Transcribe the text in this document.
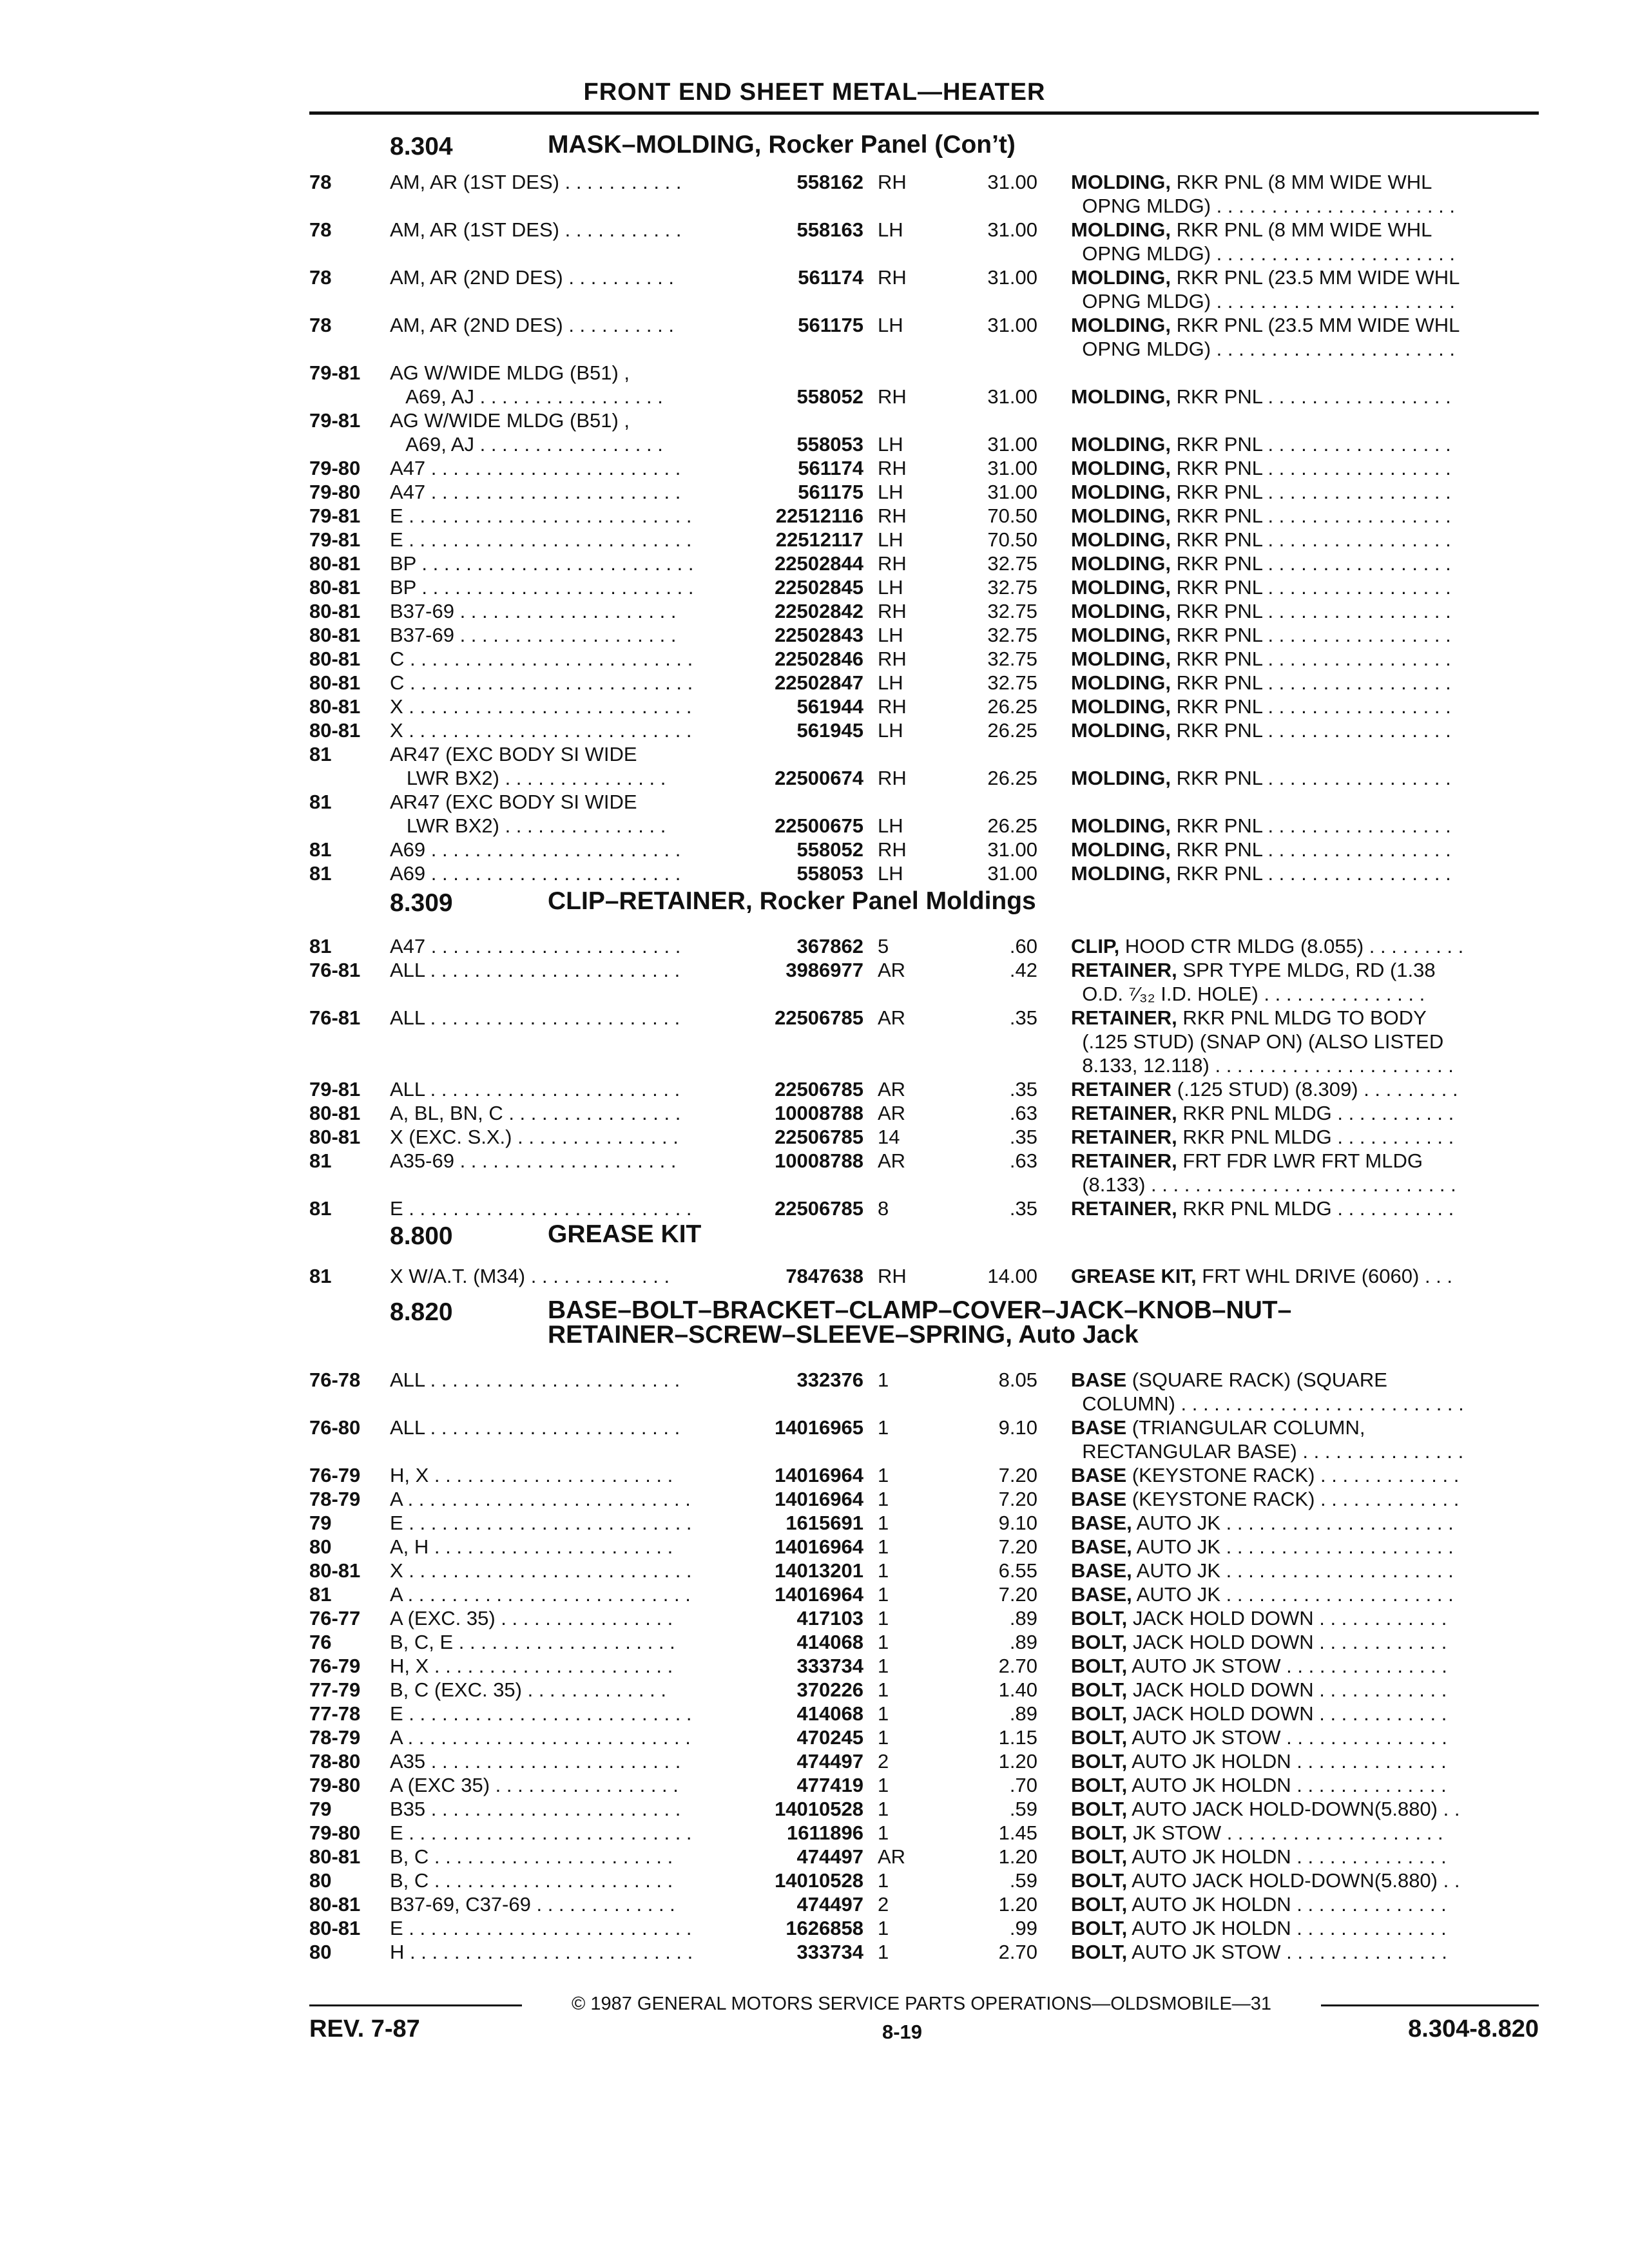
FRONT END SHEET METAL—HEATER
8.304	MASK–MOLDING, Rocker Panel (Con’t)
78	AM, AR (1ST DES) . . . . . . . . . . .	558162 RH	31.00 MOLDING, RKR PNL (8 MM WIDE WHL
OPNG MLDG) . . . . . . . . . . . . . . . . . . . . . .
78	AM, AR (1ST DES) . . . . . . . . . . .	558163 LH	31.00 MOLDING, RKR PNL (8 MM WIDE WHL
OPNG MLDG) . . . . . . . . . . . . . . . . . . . . . .
78	AM, AR (2ND DES) . . . . . . . . . .	561174 RH	31.00 MOLDING, RKR PNL (23.5 MM WIDE WHL
OPNG MLDG) . . . . . . . . . . . . . . . . . . . . . .
78	AM, AR (2ND DES) . . . . . . . . . .	561175 LH	31.00 MOLDING, RKR PNL (23.5 MM WIDE WHL
OPNG MLDG) . . . . . . . . . . . . . . . . . . . . . .
79-81 AG W/WIDE MLDG (B51) ,
A69, AJ . . . . . . . . . . . . . . . . .	558052 RH	31.00 MOLDING, RKR PNL . . . . . . . . . . . . . . . . .
79-81 AG W/WIDE MLDG (B51) ,
A69, AJ . . . . . . . . . . . . . . . . .	558053 LH	31.00 MOLDING, RKR PNL . . . . . . . . . . . . . . . . .
79-80 A47 . . . . . . . . . . . . . . . . . . . . . . .	561174 RH	31.00 MOLDING, RKR PNL . . . . . . . . . . . . . . . . .
79-80 A47 . . . . . . . . . . . . . . . . . . . . . . .	561175 LH	31.00 MOLDING, RKR PNL . . . . . . . . . . . . . . . . .
79-81 E . . . . . . . . . . . . . . . . . . . . . . . . . .	22512116 RH	70.50 MOLDING, RKR PNL . . . . . . . . . . . . . . . . .
79-81 E . . . . . . . . . . . . . . . . . . . . . . . . . .	22512117 LH	70.50 MOLDING, RKR PNL . . . . . . . . . . . . . . . . .
80-81 BP . . . . . . . . . . . . . . . . . . . . . . . . .	22502844 RH	32.75 MOLDING, RKR PNL . . . . . . . . . . . . . . . . .
80-81 BP . . . . . . . . . . . . . . . . . . . . . . . . .	22502845 LH	32.75 MOLDING, RKR PNL . . . . . . . . . . . . . . . . .
80-81 B37-69 . . . . . . . . . . . . . . . . . . . .	22502842 RH	32.75 MOLDING, RKR PNL . . . . . . . . . . . . . . . . .
80-81 B37-69 . . . . . . . . . . . . . . . . . . . .	22502843 LH	32.75 MOLDING, RKR PNL . . . . . . . . . . . . . . . . .
80-81 C . . . . . . . . . . . . . . . . . . . . . . . . . .	22502846 RH	32.75 MOLDING, RKR PNL . . . . . . . . . . . . . . . . .
80-81 C . . . . . . . . . . . . . . . . . . . . . . . . . .	22502847 LH	32.75 MOLDING, RKR PNL . . . . . . . . . . . . . . . . .
80-81 X . . . . . . . . . . . . . . . . . . . . . . . . . .	561944 RH	26.25 MOLDING, RKR PNL . . . . . . . . . . . . . . . . .
80-81 X . . . . . . . . . . . . . . . . . . . . . . . . . .	561945 LH	26.25 MOLDING, RKR PNL . . . . . . . . . . . . . . . . .
81	AR47 (EXC BODY SI WIDE
LWR BX2) . . . . . . . . . . . . . . .	22500674 RH	26.25 MOLDING, RKR PNL . . . . . . . . . . . . . . . . .
81	AR47 (EXC BODY SI WIDE
LWR BX2) . . . . . . . . . . . . . . .	22500675 LH	26.25 MOLDING, RKR PNL . . . . . . . . . . . . . . . . .
81	A69 . . . . . . . . . . . . . . . . . . . . . . .	558052 RH	31.00 MOLDING, RKR PNL . . . . . . . . . . . . . . . . .
81	A69 . . . . . . . . . . . . . . . . . . . . . . .	558053 LH	31.00 MOLDING, RKR PNL . . . . . . . . . . . . . . . . .
8.309	CLIP–RETAINER, Rocker Panel Moldings
81	A47 . . . . . . . . . . . . . . . . . . . . . . .	367862 5	.60 CLIP, HOOD CTR MLDG (8.055) . . . . . . . . .
76-81 ALL . . . . . . . . . . . . . . . . . . . . . . .	3986977 AR	.42 RETAINER, SPR TYPE MLDG, RD (1.38
O.D. ⁷⁄₃₂ I.D. HOLE) . . . . . . . . . . . . . . .
76-81 ALL . . . . . . . . . . . . . . . . . . . . . . .	22506785 AR	.35 RETAINER, RKR PNL MLDG TO BODY
(.125 STUD) (SNAP ON) (ALSO LISTED
8.133, 12.118) . . . . . . . . . . . . . . . . . . . . . .
79-81 ALL . . . . . . . . . . . . . . . . . . . . . . .	22506785 AR	.35 RETAINER (.125 STUD) (8.309) . . . . . . . . .
80-81 A, BL, BN, C . . . . . . . . . . . . . . . .	10008788 AR	.63 RETAINER, RKR PNL MLDG . . . . . . . . . . .
80-81 X (EXC. S.X.) . . . . . . . . . . . . . . .	22506785 14	.35 RETAINER, RKR PNL MLDG . . . . . . . . . . .
81	A35-69 . . . . . . . . . . . . . . . . . . . .	10008788 AR	.63 RETAINER, FRT FDR LWR FRT MLDG
(8.133) . . . . . . . . . . . . . . . . . . . . . . . . . . . .
81	E . . . . . . . . . . . . . . . . . . . . . . . . . .	22506785 8	.35 RETAINER, RKR PNL MLDG . . . . . . . . . . .
8.800	GREASE KIT
81	X W/A.T. (M34) . . . . . . . . . . . . .	7847638 RH	14.00 GREASE KIT, FRT WHL DRIVE (6060) . . .
8.820	BASE–BOLT–BRACKET–CLAMP–COVER–JACK–KNOB–NUT–
RETAINER–SCREW–SLEEVE–SPRING, Auto Jack
76-78 ALL . . . . . . . . . . . . . . . . . . . . . . .	332376 1	8.05 BASE (SQUARE RACK) (SQUARE
COLUMN) . . . . . . . . . . . . . . . . . . . . . . . . . .
76-80 ALL . . . . . . . . . . . . . . . . . . . . . . .	14016965 1	9.10 BASE (TRIANGULAR COLUMN,
RECTANGULAR BASE) . . . . . . . . . . . . . . .
76-79 H, X . . . . . . . . . . . . . . . . . . . . . .	14016964 1	7.20 BASE (KEYSTONE RACK) . . . . . . . . . . . . .
78-79 A . . . . . . . . . . . . . . . . . . . . . . . . . .	14016964 1	7.20 BASE (KEYSTONE RACK) . . . . . . . . . . . . .
79	E . . . . . . . . . . . . . . . . . . . . . . . . . .	1615691 1	9.10 BASE, AUTO JK . . . . . . . . . . . . . . . . . . . . .
80	A, H . . . . . . . . . . . . . . . . . . . . . .	14016964 1	7.20 BASE, AUTO JK . . . . . . . . . . . . . . . . . . . . .
80-81 X . . . . . . . . . . . . . . . . . . . . . . . . . .	14013201 1	6.55 BASE, AUTO JK . . . . . . . . . . . . . . . . . . . . .
81	A . . . . . . . . . . . . . . . . . . . . . . . . . .	14016964 1	7.20 BASE, AUTO JK . . . . . . . . . . . . . . . . . . . . .
76-77 A (EXC. 35) . . . . . . . . . . . . . . . .	417103 1	.89 BOLT, JACK HOLD DOWN . . . . . . . . . . . .
76	B, C, E . . . . . . . . . . . . . . . . . . . .	414068 1	.89 BOLT, JACK HOLD DOWN . . . . . . . . . . . .
76-79 H, X . . . . . . . . . . . . . . . . . . . . . .	333734 1	2.70 BOLT, AUTO JK STOW . . . . . . . . . . . . . . .
77-79 B, C (EXC. 35) . . . . . . . . . . . . .	370226 1	1.40 BOLT, JACK HOLD DOWN . . . . . . . . . . . .
77-78 E . . . . . . . . . . . . . . . . . . . . . . . . . .	414068 1	.89 BOLT, JACK HOLD DOWN . . . . . . . . . . . .
78-79 A . . . . . . . . . . . . . . . . . . . . . . . . . .	470245 1	1.15 BOLT, AUTO JK STOW . . . . . . . . . . . . . . .
78-80 A35 . . . . . . . . . . . . . . . . . . . . . . .	474497 2	1.20 BOLT, AUTO JK HOLDN . . . . . . . . . . . . . .
79-80 A (EXC 35) . . . . . . . . . . . . . . . . .	477419 1	.70 BOLT, AUTO JK HOLDN . . . . . . . . . . . . . .
79	B35 . . . . . . . . . . . . . . . . . . . . . . .	14010528 1	.59 BOLT, AUTO JACK HOLD-DOWN(5.880) . .
79-80 E . . . . . . . . . . . . . . . . . . . . . . . . . .	1611896 1	1.45 BOLT, JK STOW . . . . . . . . . . . . . . . . . . . .
80-81 B, C . . . . . . . . . . . . . . . . . . . . . .	474497 AR	1.20 BOLT, AUTO JK HOLDN . . . . . . . . . . . . . .
80	B, C . . . . . . . . . . . . . . . . . . . . . .	14010528 1	.59 BOLT, AUTO JACK HOLD-DOWN(5.880) . .
80-81 B37-69, C37-69 . . . . . . . . . . . . .	474497 2	1.20 BOLT, AUTO JK HOLDN . . . . . . . . . . . . . .
80-81 E . . . . . . . . . . . . . . . . . . . . . . . . . .	1626858 1	.99 BOLT, AUTO JK HOLDN . . . . . . . . . . . . . .
80	H . . . . . . . . . . . . . . . . . . . . . . . . . .	333734 1	2.70 BOLT, AUTO JK STOW . . . . . . . . . . . . . . .
© 1987 GENERAL MOTORS SERVICE PARTS OPERATIONS—OLDSMOBILE—31
REV. 7-87	8-19	8.304-8.820
